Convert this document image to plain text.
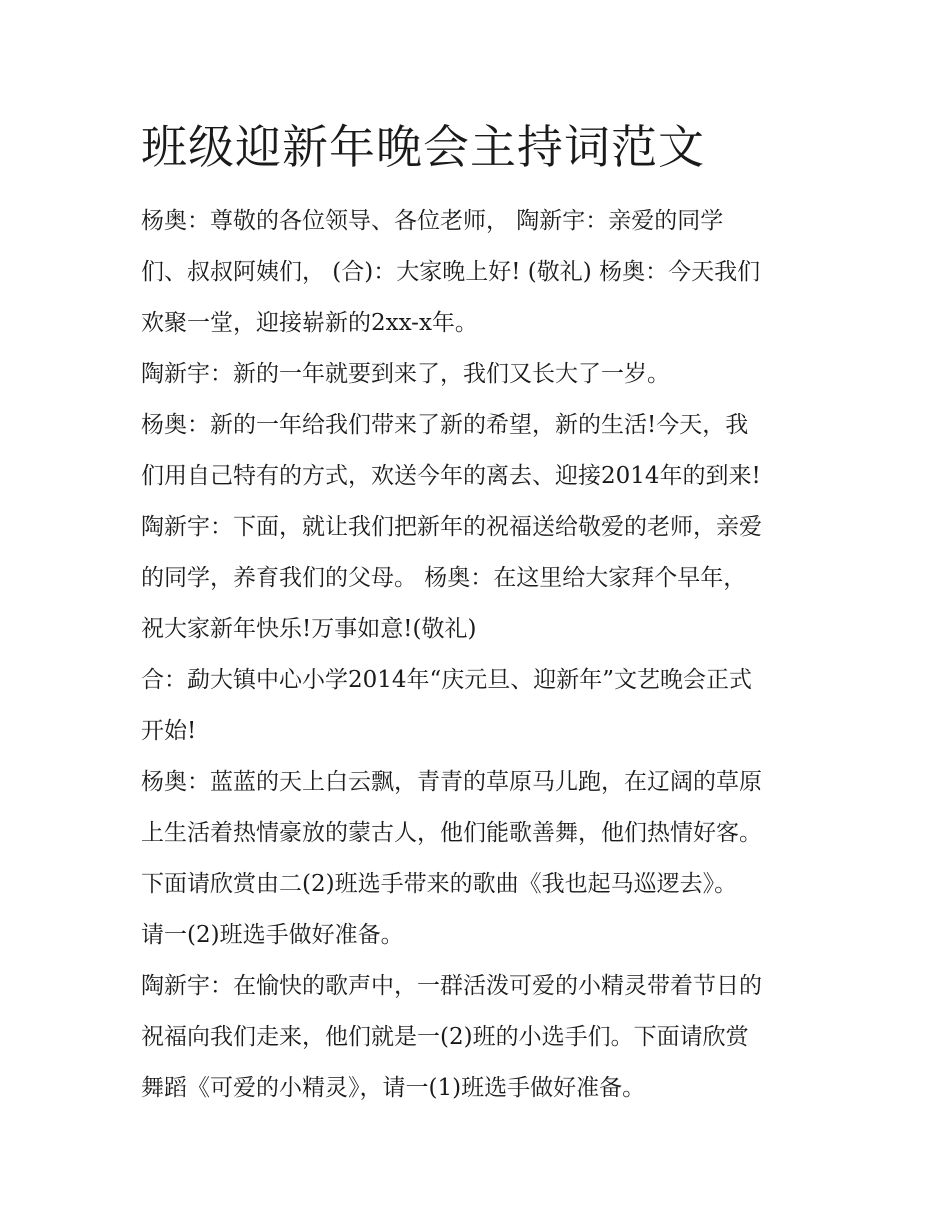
班级迎新年晚会主持词范文
杨奥：尊敬的各位领导、各位老师， 陶新宇：亲爱的同学
们、叔叔阿姨们， (合)：大家晚上好! (敬礼) 杨奥：今天我们
欢聚一堂，迎接崭新的2xx-x年。
陶新宇：新的一年就要到来了，我们又长大了一岁。
杨奥：新的一年给我们带来了新的希望，新的生活!今天，我
们用自己特有的方式，欢送今年的离去、迎接2014年的到来!
陶新宇：下面，就让我们把新年的祝福送给敬爱的老师，亲爱
的同学，养育我们的父母。 杨奥：在这里给大家拜个早年，
祝大家新年快乐!万事如意!(敬礼)
合：勐大镇中心小学2014年“庆元旦、迎新年”文艺晚会正式
开始!
杨奥：蓝蓝的天上白云飘，青青的草原马儿跑，在辽阔的草原
上生活着热情豪放的蒙古人，他们能歌善舞，他们热情好客。
下面请欣赏由二(2)班选手带来的歌曲《我也起马巡逻去》。
请一(2)班选手做好准备。
陶新宇：在愉快的歌声中，一群活泼可爱的小精灵带着节日的
祝福向我们走来，他们就是一(2)班的小选手们。下面请欣赏
舞蹈《可爱的小精灵》，请一(1)班选手做好准备。
